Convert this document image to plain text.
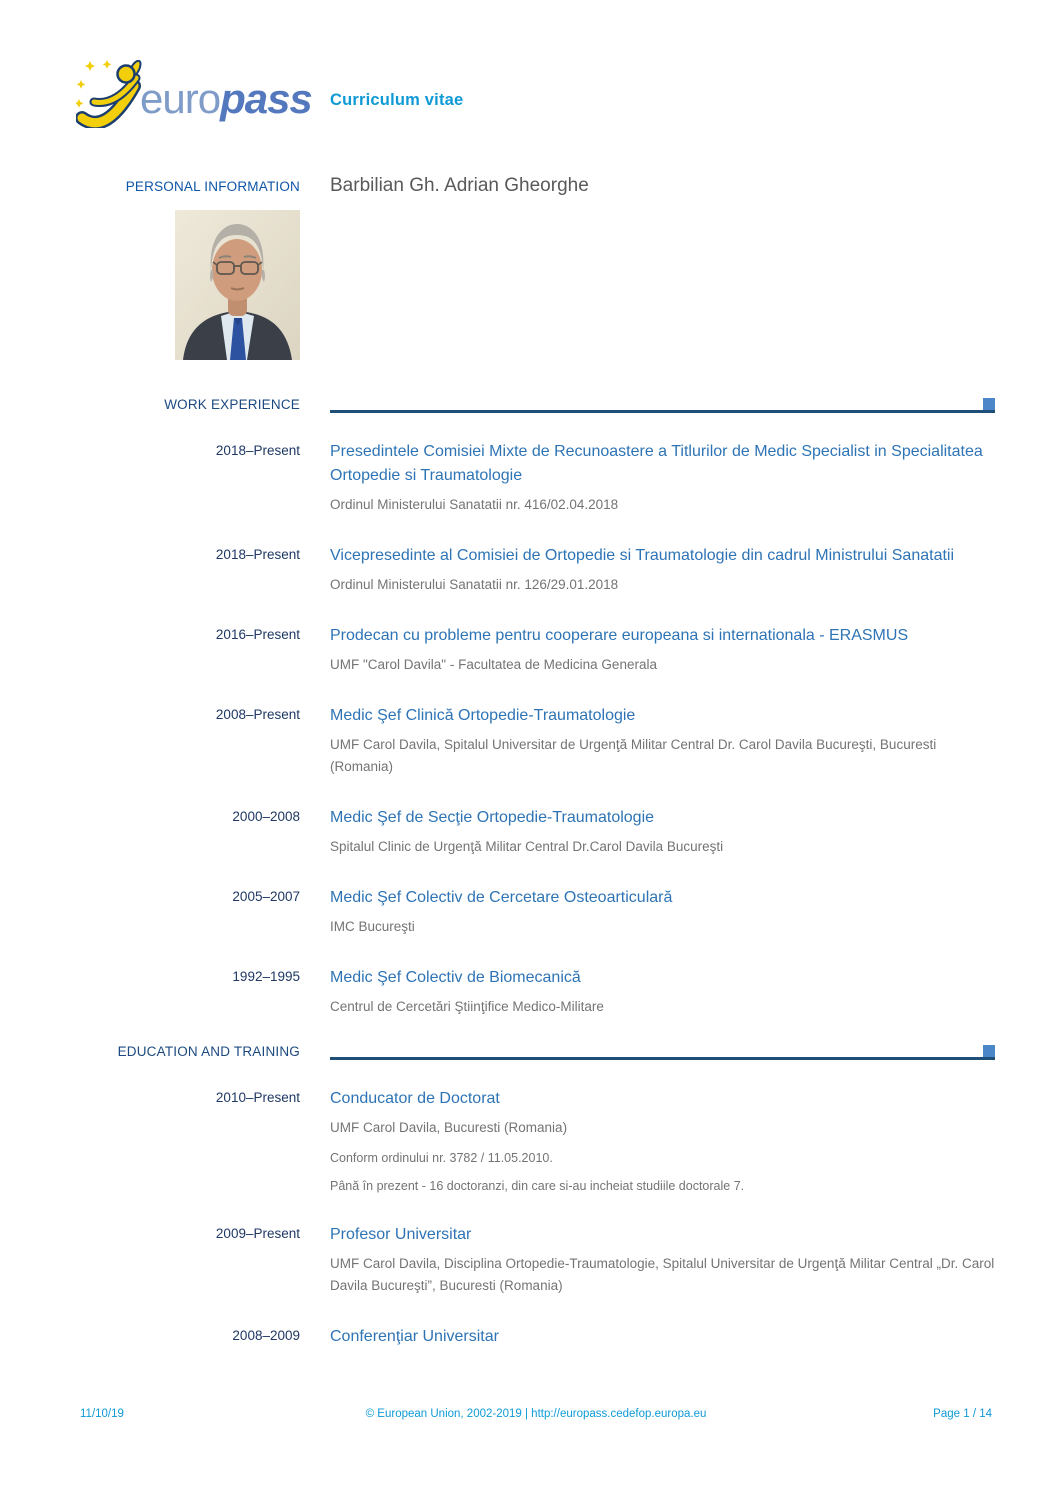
europass Curriculum vitae
PERSONAL INFORMATION Barbilian Gh. Adrian Gheorghe
WORK EXPERIENCE
2018–Present Presedintele Comisiei Mixte de Recunoastere a Titlurilor de Medic Specialist in Specialitatea Ortopedie si Traumatologie
Ordinul Ministerului Sanatatii nr. 416/02.04.2018
2018–Present Vicepresedinte al Comisiei de Ortopedie si Traumatologie din cadrul Ministrului Sanatatii
Ordinul Ministerului Sanatatii nr. 126/29.01.2018
2016–Present Prodecan cu probleme pentru cooperare europeana si internationala - ERASMUS
UMF "Carol Davila" - Facultatea de Medicina Generala
2008–Present Medic Şef Clinică Ortopedie-Traumatologie
UMF Carol Davila, Spitalul Universitar de Urgenţă Militar Central Dr. Carol Davila Bucureşti, Bucuresti (Romania)
2000–2008 Medic Şef de Secţie Ortopedie-Traumatologie
Spitalul Clinic de Urgenţă Militar Central Dr.Carol Davila Bucureşti
2005–2007 Medic Şef Colectiv de Cercetare Osteoarticulară
IMC Bucureşti
1992–1995 Medic Şef Colectiv de Biomecanică
Centrul de Cercetări Ştiinţifice Medico-Militare
EDUCATION AND TRAINING
2010–Present Conducator de Doctorat
UMF Carol Davila, Bucuresti (Romania)
Conform ordinului nr. 3782 / 11.05.2010.
Până în prezent - 16 doctoranzi, din care si-au incheiat studiile doctorale 7.
2009–Present Profesor Universitar
UMF Carol Davila, Disciplina Ortopedie-Traumatologie, Spitalul Universitar de Urgenţă Militar Central „Dr. Carol Davila Bucureşti”, Bucuresti (Romania)
2008–2009 Conferenţiar Universitar
11/10/19	© European Union, 2002-2019 | http://europass.cedefop.europa.eu	Page 1 / 14
